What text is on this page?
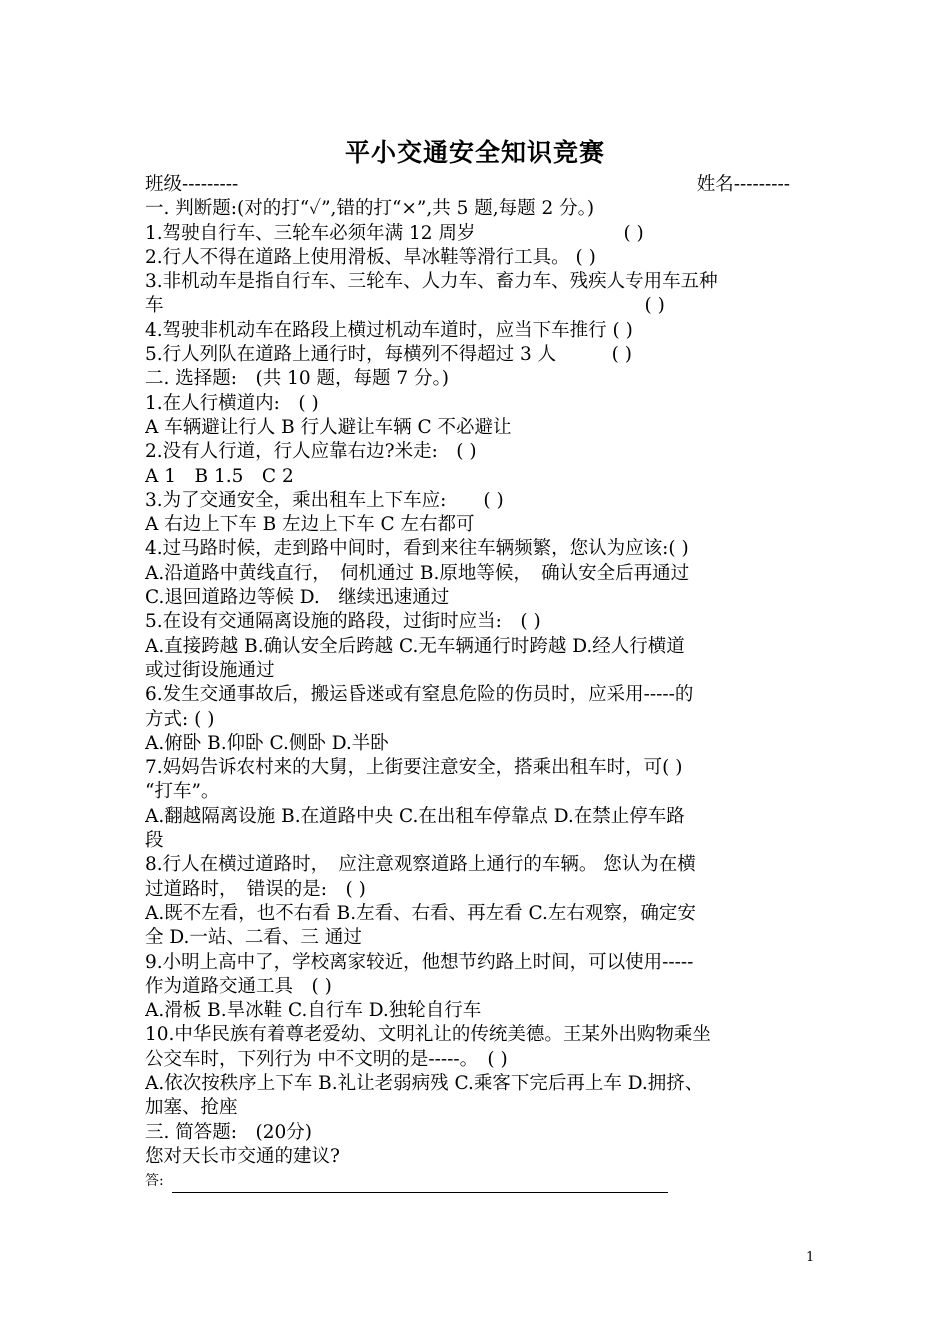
平小交通安全知识竞赛
班级---------	姓名---------
一. 判断题:(对的打“✓”,错的打“×”,共 5 题,每题 2 分。)
1.驾驶自行车、三轮车必须年满 12 周岁　　　　　　　　( )
2.行人不得在道路上使用滑板、旱冰鞋等滑行工具。 ( )
3.非机动车是指自行车、三轮车、人力车、畜力车、残疾人专用车五种
车　　　　　　　　　　　　　　　　　　　　　　　　　　( )
4.驾驶非机动车在路段上横过机动车道时，应当下车推行 ( )
5.行人列队在道路上通行时，每横列不得超过 3 人　　　( )
二. 选择题:　(共 10 题，每题 7 分。)
1.在人行横道内:　( )
A 车辆避让行人 B 行人避让车辆 C 不必避让
2.没有人行道，行人应靠右边?米走:　( )
A 1　B 1.5　C 2
3.为了交通安全，乘出租车上下车应:　　( )
A 右边上下车 B 左边上下车 C 左右都可
4.过马路时候，走到路中间时，看到来往车辆频繁，您认为应该:( )
A.沿道路中黄线直行，　伺机通过 B.原地等候，　确认安全后再通过
C.退回道路边等候 D.　继续迅速通过
5.在设有交通隔离设施的路段，过街时应当:　( )
A.直接跨越 B.确认安全后跨越 C.无车辆通行时跨越 D.经人行横道
或过街设施通过
6.发生交通事故后，搬运昏迷或有窒息危险的伤员时，应采用-----的
方式: ( )
A.俯卧 B.仰卧 C.侧卧 D.半卧
7.妈妈告诉农村来的大舅，上街要注意安全，搭乘出租车时，可( )
“打车”。
A.翻越隔离设施 B.在道路中央 C.在出租车停靠点 D.在禁止停车路
段
8.行人在横过道路时，　应注意观察道路上通行的车辆。 您认为在横
过道路时，　错误的是:　( )
A.既不左看，也不右看 B.左看、右看、再左看 C.左右观察，确定安
全 D.一站、二看、三 通过
9.小明上高中了，学校离家较近，他想节约路上时间，可以使用-----
作为道路交通工具　( )
A.滑板 B.旱冰鞋 C.自行车 D.独轮自行车
10.中华民族有着尊老爱幼、文明礼让的传统美德。王某外出购物乘坐
公交车时，下列行为 中不文明的是-----。　( )
A.依次按秩序上下车 B.礼让老弱病残 C.乘客下完后再上车 D.拥挤、
加塞、抢座
三. 简答题:　(20分)
您对天长市交通的建议?
答:
1
